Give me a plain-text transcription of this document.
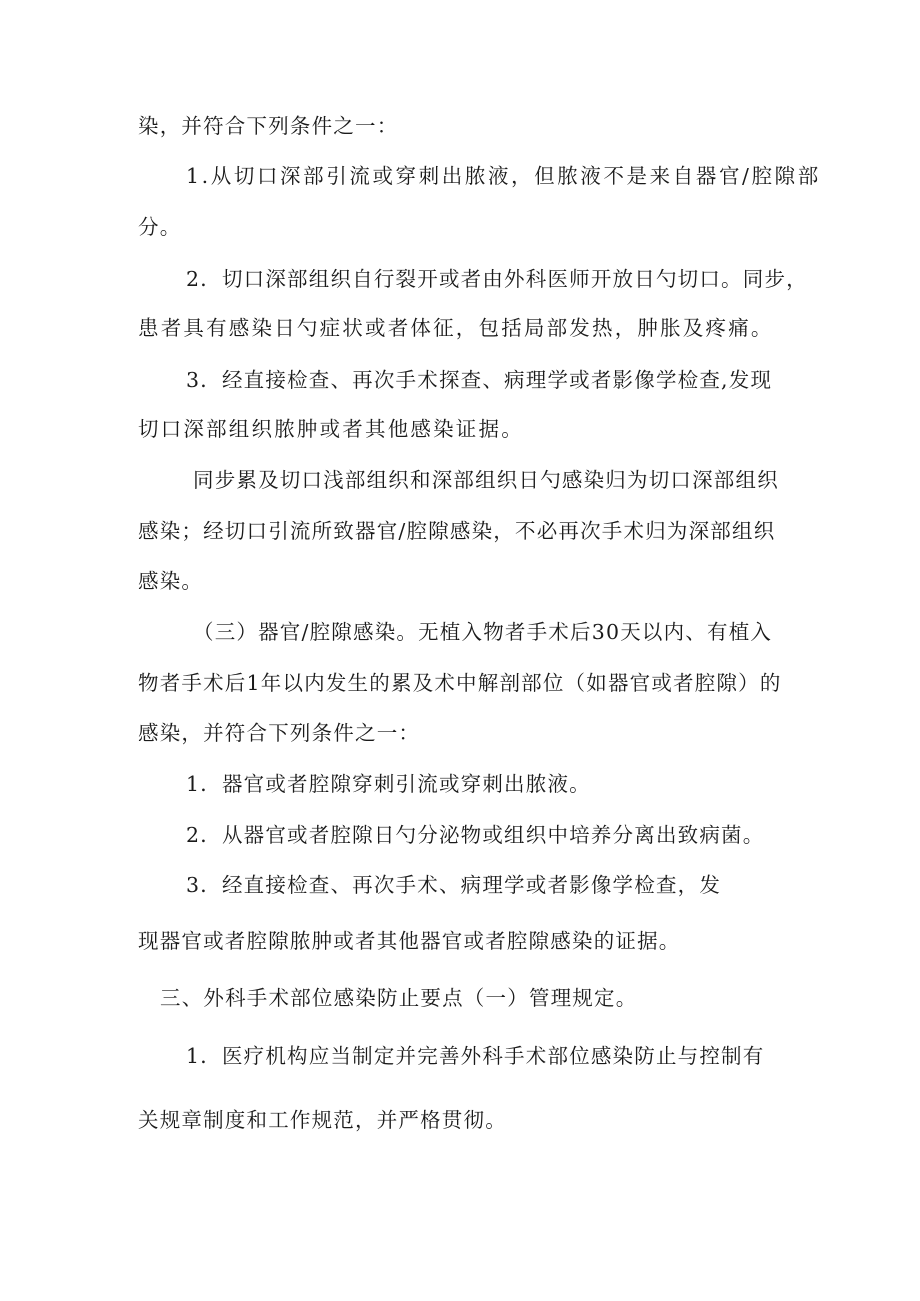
染，并符合下列条件之一：
1.从切口深部引流或穿刺出脓液，但脓液不是来自器官/腔隙部
分。
2．切口深部组织自行裂开或者由外科医师开放日勺切口。同步，
患者具有感染日勺症状或者体征，包括局部发热，肿胀及疼痛。
3．经直接检查、再次手术探查、病理学或者影像学检查,发现
切口深部组织脓肿或者其他感染证据。
同步累及切口浅部组织和深部组织日勺感染归为切口深部组织
感染；经切口引流所致器官/腔隙感染，不必再次手术归为深部组织
感染。
（三）器官/腔隙感染。无植入物者手术后30天以内、有植入
物者手术后1年以内发生的累及术中解剖部位（如器官或者腔隙）的
感染，并符合下列条件之一：
1．器官或者腔隙穿刺引流或穿刺出脓液。
2．从器官或者腔隙日勺分泌物或组织中培养分离出致病菌。
3．经直接检查、再次手术、病理学或者影像学检查，发
现器官或者腔隙脓肿或者其他器官或者腔隙感染的证据。
三、外科手术部位感染防止要点（一）管理规定。
1．医疗机构应当制定并完善外科手术部位感染防止与控制有
关规章制度和工作规范，并严格贯彻。
